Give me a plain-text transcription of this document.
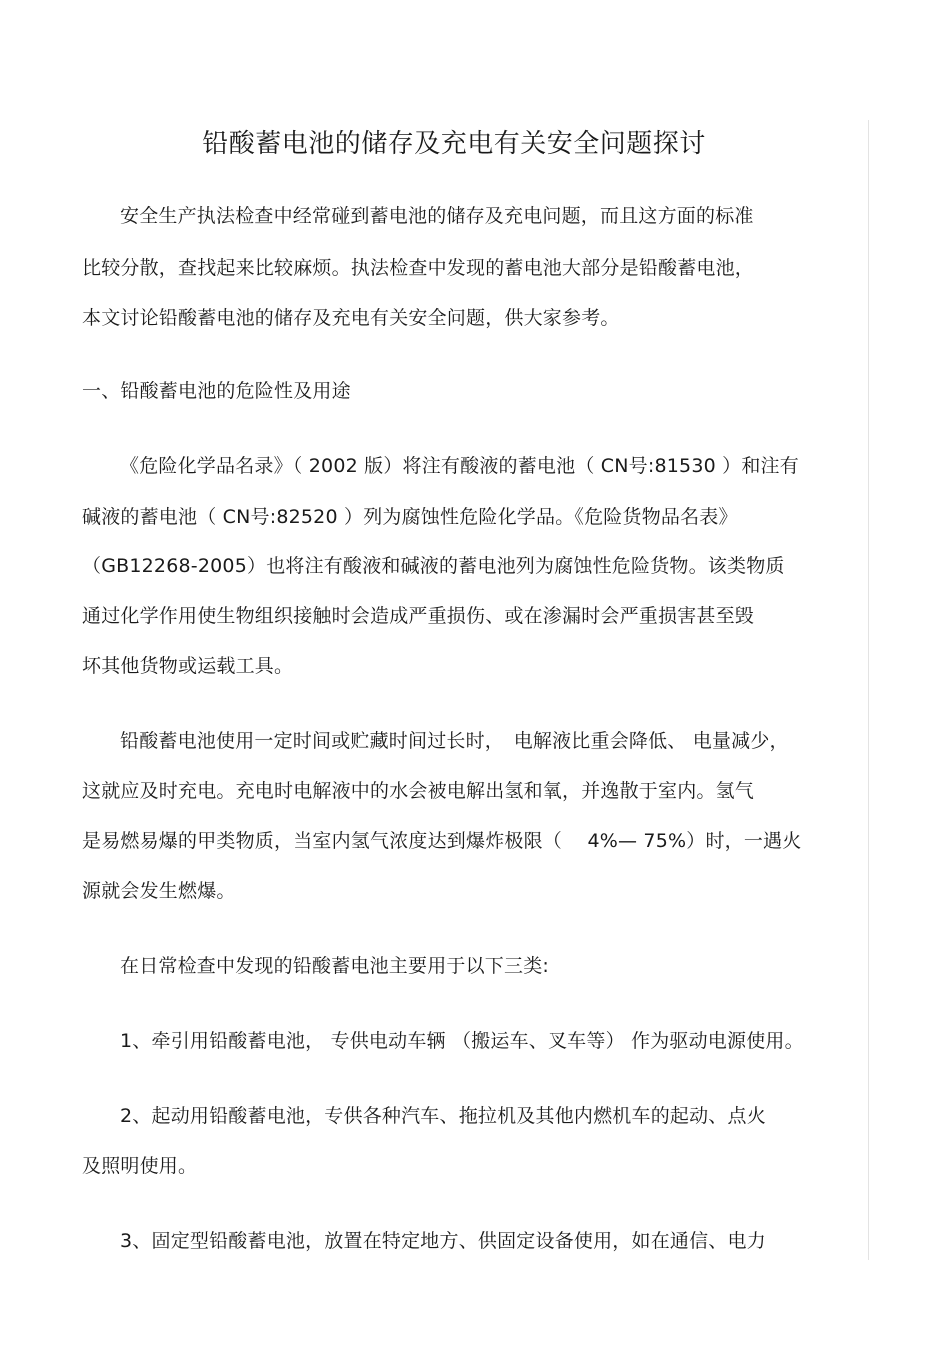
铅酸蓄电池的储存及充电有关安全问题探讨
安全生产执法检查中经常碰到蓄电池的储存及充电问题，而且这方面的标准
比较分散，查找起来比较麻烦。执法检查中发现的蓄电池大部分是铅酸蓄电池，
本文讨论铅酸蓄电池的储存及充电有关安全问题，供大家参考。
一、铅酸蓄电池的危险性及用途
《危险化学品名录》（ 2002 版）将注有酸液的蓄电池（ CN号:81530 ）和注有
碱液的蓄电池（ CN号:82520 ）列为腐蚀性危险化学品。《危险货物品名表》
（GB12268-2005）也将注有酸液和碱液的蓄电池列为腐蚀性危险货物。该类物质
通过化学作用使生物组织接触时会造成严重损伤、或在渗漏时会严重损害甚至毁
坏其他货物或运载工具。
铅酸蓄电池使用一定时间或贮藏时间过长时，　电解液比重会降低、 电量减少，
这就应及时充电。充电时电解液中的水会被电解出氢和氧，并逸散于室内。氢气
是易燃易爆的甲类物质，当室内氢气浓度达到爆炸极限（　 4%— 75%）时，一遇火
源就会发生燃爆。
在日常检查中发现的铅酸蓄电池主要用于以下三类:
1、牵引用铅酸蓄电池， 专供电动车辆 （搬运车、叉车等） 作为驱动电源使用。
2、起动用铅酸蓄电池，专供各种汽车、拖拉机及其他内燃机车的起动、点火
及照明使用。
3、固定型铅酸蓄电池，放置在特定地方、供固定设备使用，如在通信、电力
